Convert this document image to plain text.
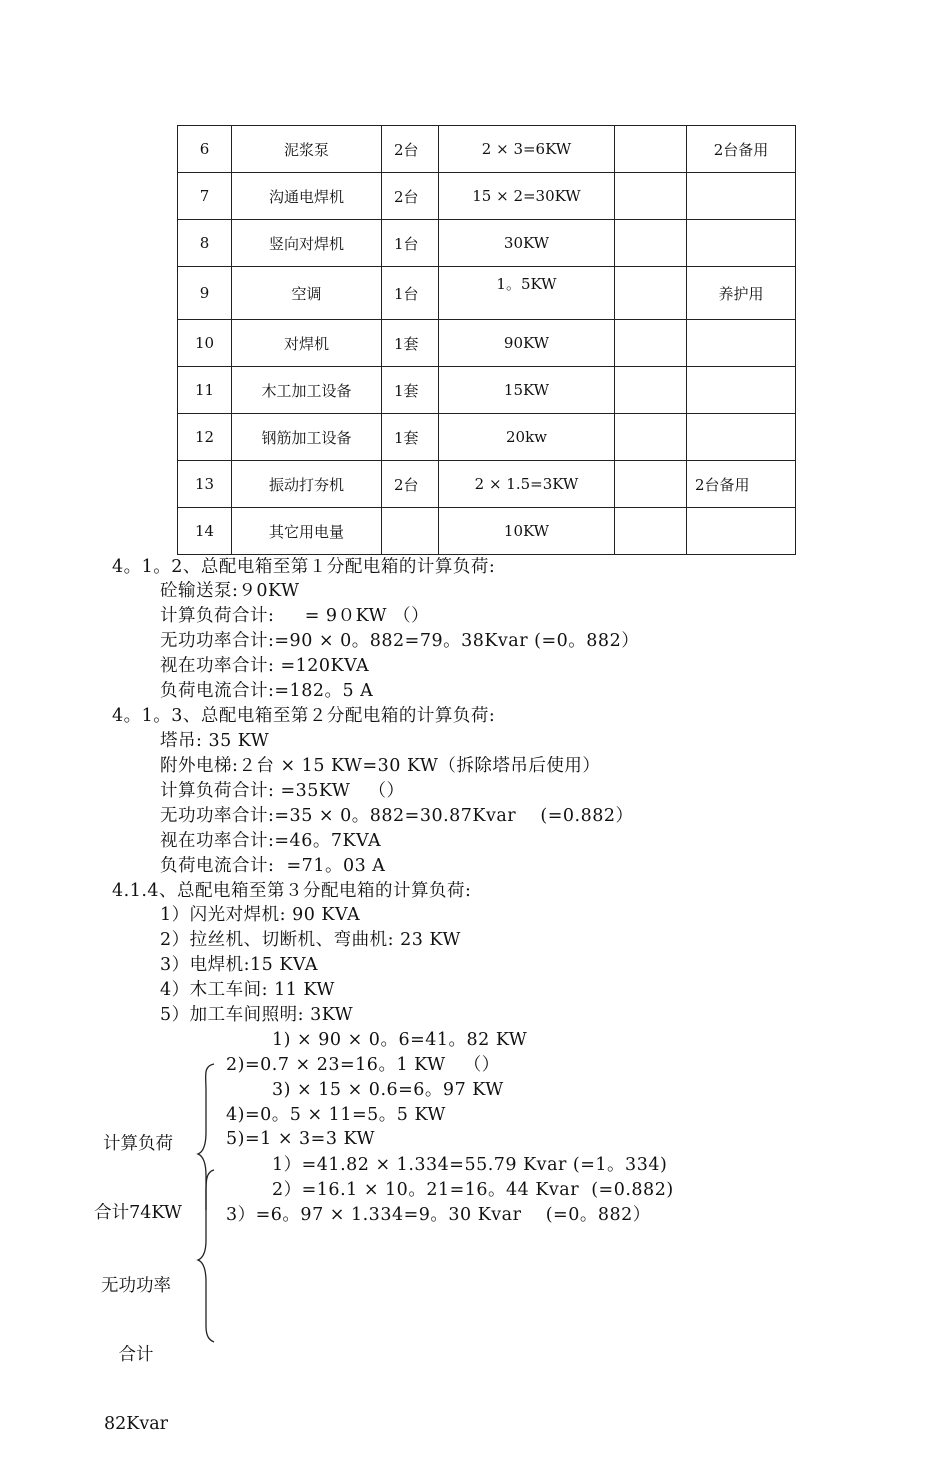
6	泥浆泵	2台	2 × 3=6KW		2台备用
7	沟通电焊机	2台	15 × 2=30KW		
8	竖向对焊机	1台	30KW		
9	空调	1台	1。5KW		养护用
10	对焊机	1套	90KW		
11	木工加工设备	1套	15KW		
12	钢筋加工设备	1套	20kw		
13	振动打夯机	2台	2 × 1.5=3KW		2台备用
14	其它用电量		10KW		
4。1。2、总配电箱至第１分配电箱的计算负荷:
砼输送泵:９0KW
计算负荷合计:     = 9０KW （）
无功功率合计:=90 × 0。882=79。38Kvar (=0。882）
视在功率合计: =120KVA
负荷电流合计:=182。5 A
4。1。3、总配电箱至第２分配电箱的计算负荷:
塔吊: 35 KW
附外电梯:２台 × 15 KW=30 KW（拆除塔吊后使用）
计算负荷合计: =35KW   （）
无功功率合计:=35 × 0。882=30.87Kvar    (=0.882）
视在功率合计:=46。7KVA
负荷电流合计:  =71。03 A
4.1.4、总配电箱至第３分配电箱的计算负荷:
1）闪光对焊机: 90 KVA
2）拉丝机、切断机、弯曲机: 23 KW
3）电焊机:15 KVA
4）木工车间: 11 KW
5）加工车间照明: 3KW
1) × 90 × 0。6=41。82 KW
2)=0.7 × 23=16。1 KW   （）
3) × 15 × 0.6=6。97 KW
4)=0。5 × 11=5。5 KW
5)=1 × 3=3 KW
1）=41.82 × 1.334=55.79 Kvar (=1。334)
2）=16.1 × 10。21=16。44 Kvar  (=0.882)
3）=6。97 × 1.334=9。30 Kvar    (=0。882）

计算负荷

合计74KW

无功功率

合计

82Kvar
